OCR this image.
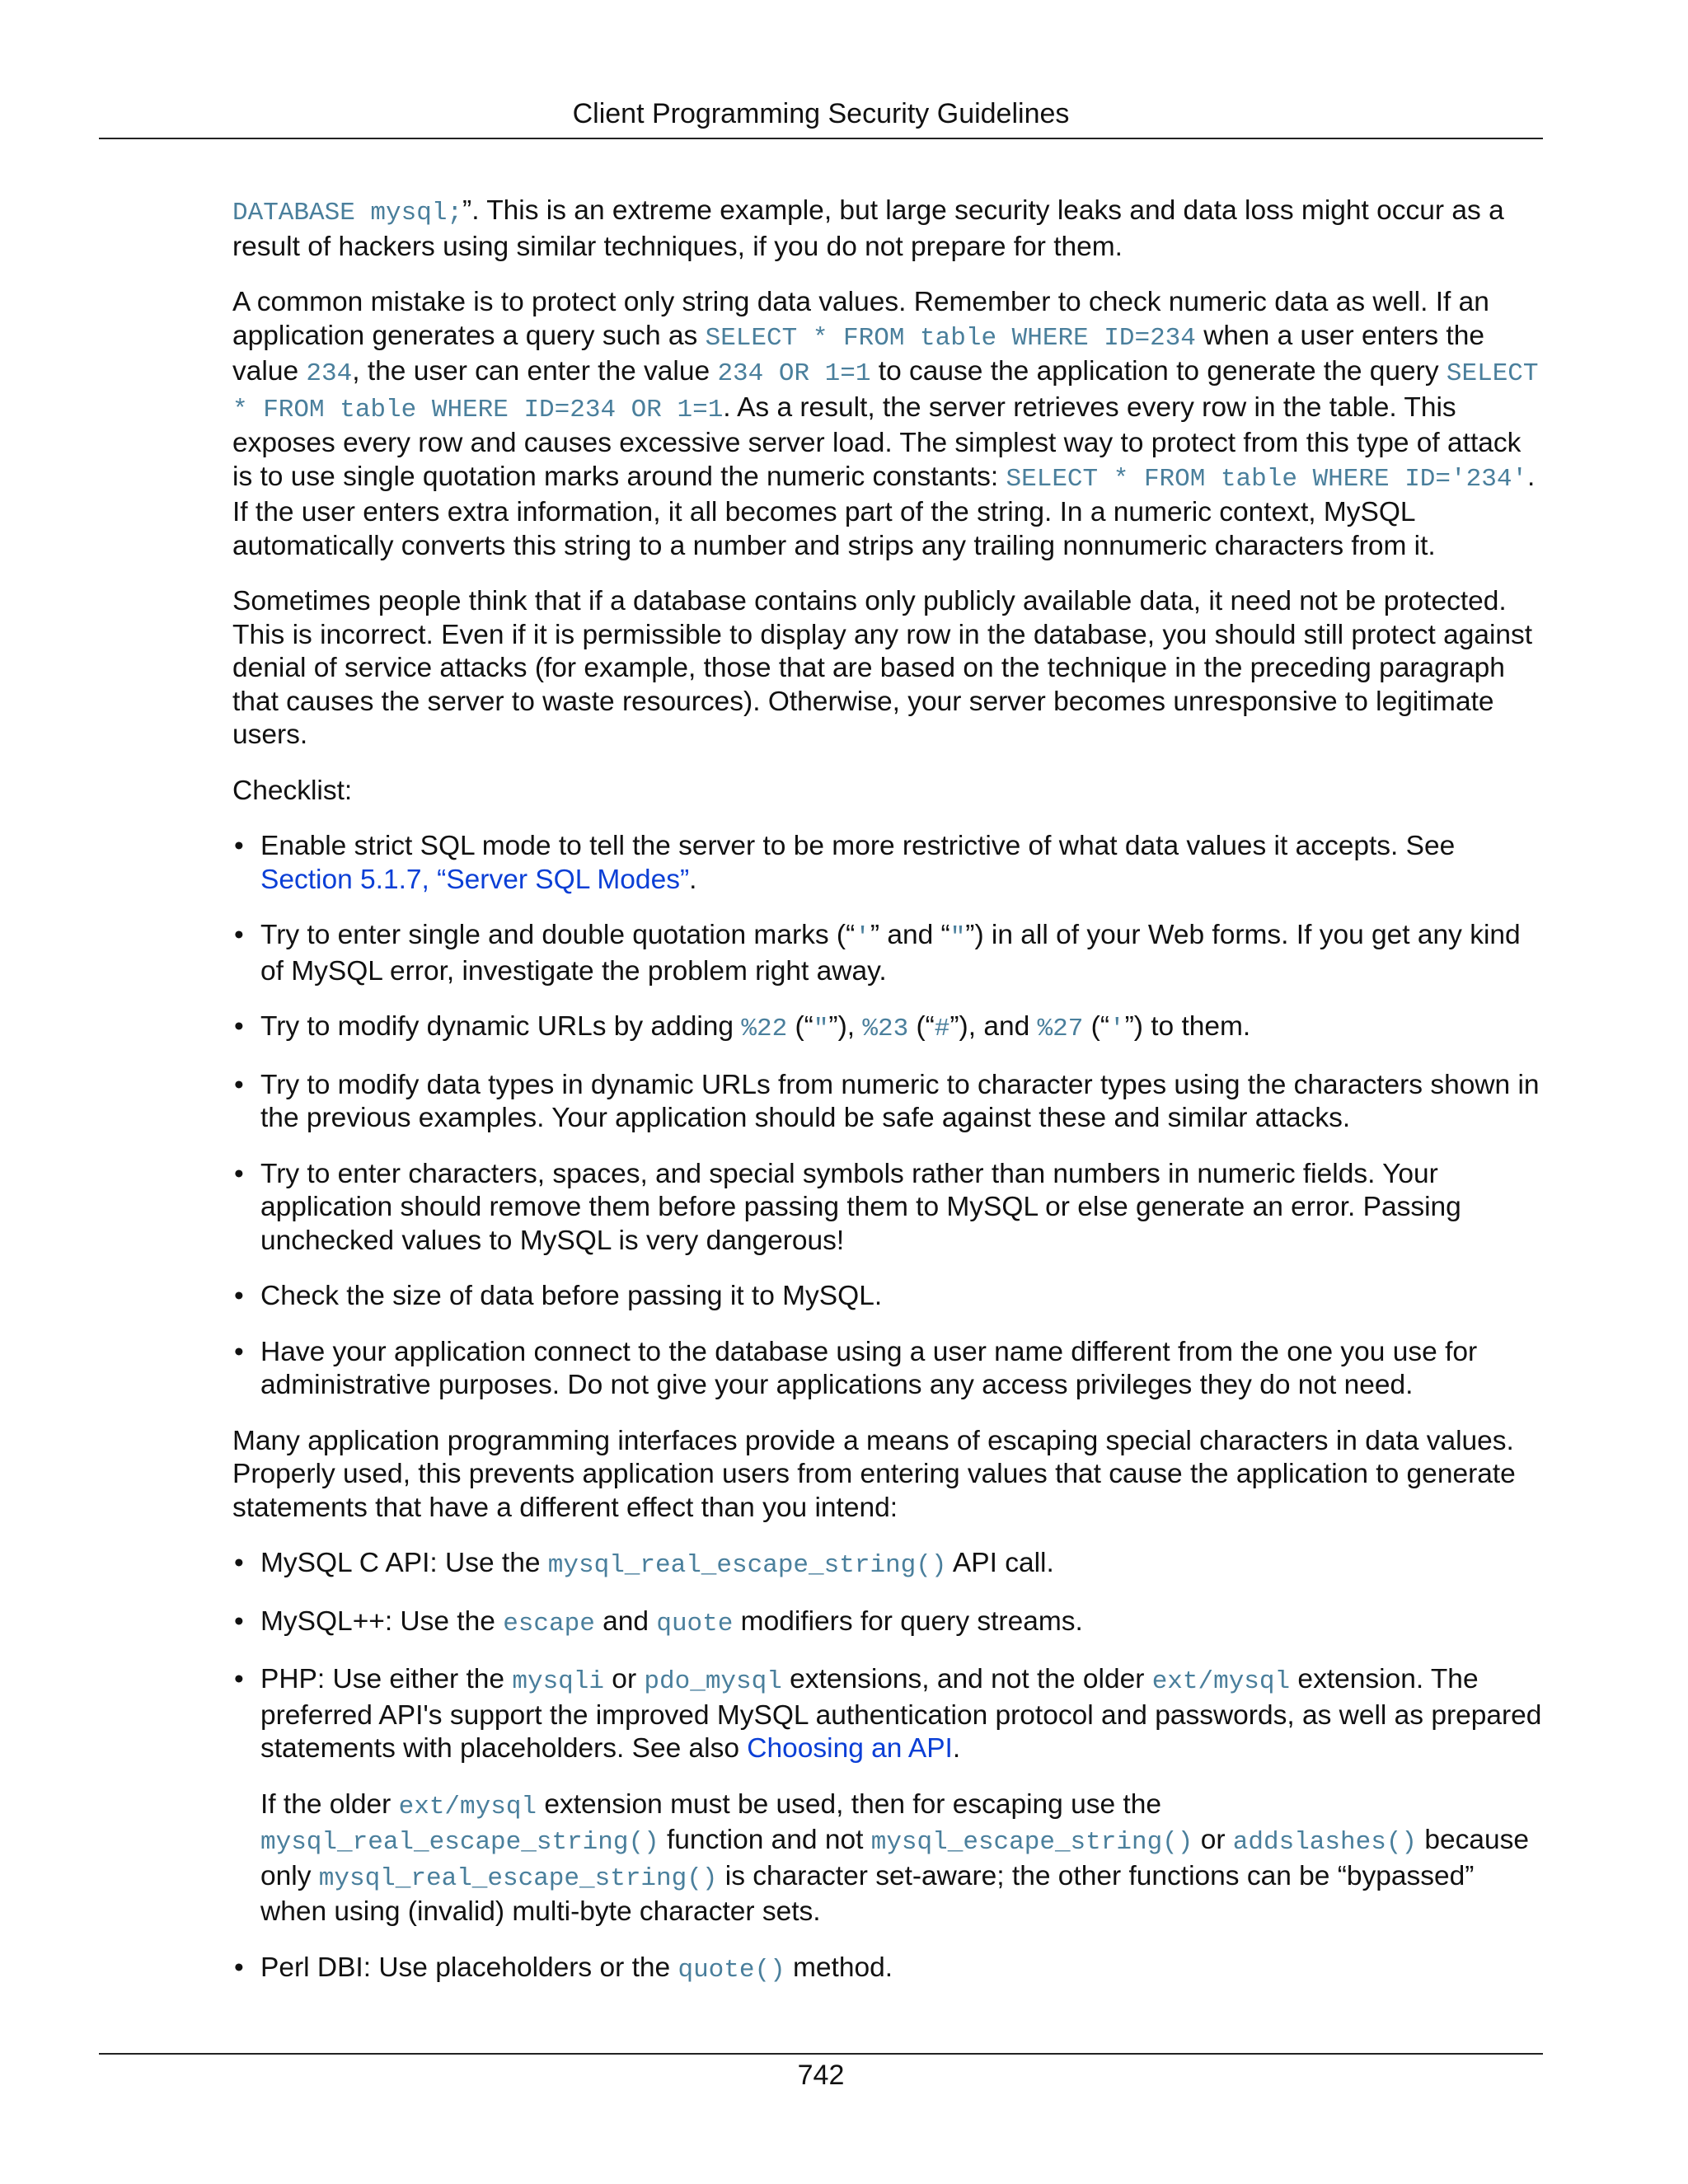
Client Programming Security Guidelines

DATABASE mysql;”. This is an extreme example, but large security leaks and data loss might occur as a result of hackers using similar techniques, if you do not prepare for them.

A common mistake is to protect only string data values. Remember to check numeric data as well. If an application generates a query such as SELECT * FROM table WHERE ID=234 when a user enters the value 234, the user can enter the value 234 OR 1=1 to cause the application to generate the query SELECT * FROM table WHERE ID=234 OR 1=1. As a result, the server retrieves every row in the table. This exposes every row and causes excessive server load. The simplest way to protect from this type of attack is to use single quotation marks around the numeric constants: SELECT * FROM table WHERE ID='234'. If the user enters extra information, it all becomes part of the string. In a numeric context, MySQL automatically converts this string to a number and strips any trailing nonnumeric characters from it.

Sometimes people think that if a database contains only publicly available data, it need not be protected. This is incorrect. Even if it is permissible to display any row in the database, you should still protect against denial of service attacks (for example, those that are based on the technique in the preceding paragraph that causes the server to waste resources). Otherwise, your server becomes unresponsive to legitimate users.

Checklist:

• Enable strict SQL mode to tell the server to be more restrictive of what data values it accepts. See Section 5.1.7, “Server SQL Modes”.
• Try to enter single and double quotation marks (“'” and “"”) in all of your Web forms. If you get any kind of MySQL error, investigate the problem right away.
• Try to modify dynamic URLs by adding %22 (“"”), %23 (“#”), and %27 (“'”) to them.
• Try to modify data types in dynamic URLs from numeric to character types using the characters shown in the previous examples. Your application should be safe against these and similar attacks.
• Try to enter characters, spaces, and special symbols rather than numbers in numeric fields. Your application should remove them before passing them to MySQL or else generate an error. Passing unchecked values to MySQL is very dangerous!
• Check the size of data before passing it to MySQL.
• Have your application connect to the database using a user name different from the one you use for administrative purposes. Do not give your applications any access privileges they do not need.

Many application programming interfaces provide a means of escaping special characters in data values. Properly used, this prevents application users from entering values that cause the application to generate statements that have a different effect than you intend:

• MySQL C API: Use the mysql_real_escape_string() API call.
• MySQL++: Use the escape and quote modifiers for query streams.
• PHP: Use either the mysqli or pdo_mysql extensions, and not the older ext/mysql extension. The preferred API's support the improved MySQL authentication protocol and passwords, as well as prepared statements with placeholders. See also Choosing an API.

If the older ext/mysql extension must be used, then for escaping use the mysql_real_escape_string() function and not mysql_escape_string() or addslashes() because only mysql_real_escape_string() is character set-aware; the other functions can be “bypassed” when using (invalid) multi-byte character sets.

• Perl DBI: Use placeholders or the quote() method.
742
